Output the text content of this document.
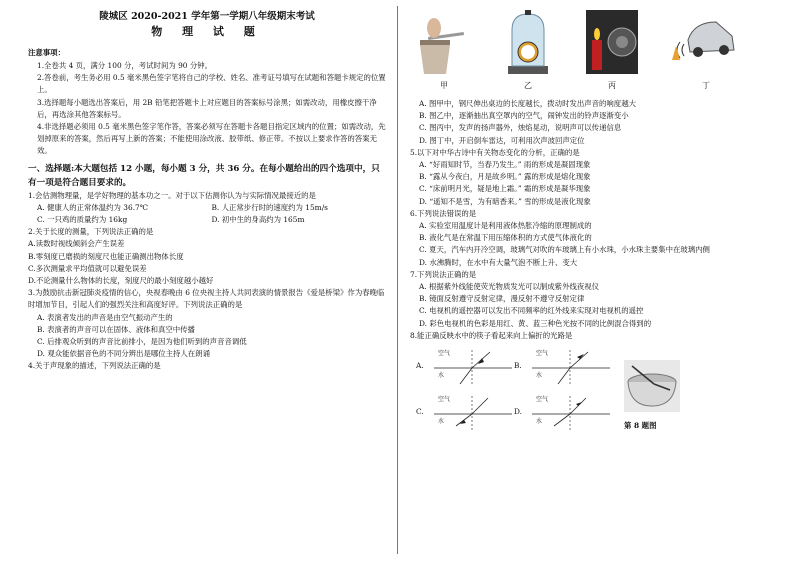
陵城区 2020-2021 学年第一学期八年级期末考试
物 理 试 题
注意事项：

1.全卷共 4 页，满分 100 分，考试时间为 90 分钟。

2.答卷前，考生务必用 0.5 毫米黑色签字笔将自己的学校、姓名、准考证号填写在试题和答题卡规定的位置上。

3.选择题每小题选出答案后，用 2B 铅笔把答题卡上对应题目的答案标号涂黑；如需改动，用橡皮擦干净后，再选涂其他答案标号。

4.非选择题必须用 0.5 毫米黑色签字笔作答，答案必须写在答题卡各题目指定区域内的位置；如需改动，先划掉原来的答案，然后再写上新的答案；不能使用涂改液、胶带纸、修正带。不按以上要求作答的答案无效。

一、选择题:本大题包括 12 小题，每小题 3 分，共 36 分。在每小题给出的四个选项中，只有一项是符合题目要求的。

1.会估测物理量，是学好物理的基本功之一。对于以下估测你认为与实际情况最接近的是

A. 健康人的正常体温约为 36.7℃	B. 人正常步行时的速度约为 15m/s
C. 一只鸡的质量约为 16kg	D. 初中生的身高约为 165m

2.关于长度的测量，下列说法正确的是

A.读数时视线倾斜会产生误差

B.零刻度已磨损的刻度尺也能正确测出物体长度

C.多次测量求平均值就可以避免误差

D.不论测量什么物体的长度，刻度尺的最小刻度越小越好

3.为鼓励抗击新冠肺炎疫情的信心，央视春晚由 6 位央视主持人共同表演的情景报告《爱是桥梁》作为春晚临时增加节目，引起人们的强烈关注和高度好评。下列说法正确的是

A. 表演者发出的声音是由空气振动产生的

B. 表演者的声音可以在固体、液体和真空中传播

C. 后排观众听到的声音比前排小，是因为他们听到的声音音调低

D. 观众能依据音色的不同分辨出是哪位主持人在朗诵

4.关于声现象的描述，下列说法正确的是

甲	乙	丙	丁

A. 图甲中，钢尺伸出桌边的长度越长，拨动时发出声音的响度越大

B. 图乙中，逐渐抽出真空罩内的空气，闹钟发出的铃声逐渐变小

C. 图丙中，发声的扬声器外，烛焰晃动，说明声可以传递信息

D. 图丁中，开启倒车雷达，可利用次声波回声定位

5.以下对中华古诗中有关物态变化的分析，正确的是

A. “好雨知时节，当春乃发生。” 雨的形成是凝固现象

B. “露从今夜白，月是故乡明。” 露的形成是熔化现象

C. “床前明月光，疑是地上霜。” 霜的形成是凝华现象

D. “遥知不是雪，为有暗香来。” 雪的形成是液化现象

6.下列说法错误的是

A. 实验室用温度计是利用液体热胀冷缩的原理制成的

B. 液化气是在常温下用压缩体积的方式使气体液化的

C. 夏天，汽车内开冷空调，玻璃气对吹的车玻璃上有小水珠，小水珠主要集中在玻璃内侧

D. 水沸腾时，在水中有大量气泡不断上升、变大

7.下列说法正确的是

A. 根据紫外线能使荧光物质发光可以制成紫外线夜视仪

B. 镜面反射遵守反射定律，漫反射不遵守反射定律

C. 电视机的遥控器可以发出不同频率的红外线来实现对电视机的遥控

D. 彩色电视机的色彩是用红、黄、蓝三种色光按不同的比例混合得到的

8.能正确反映水中的筷子看起来向上偏折的光路是

A.
空气
水
B.
空气
水
C.
空气
水
D.
空气
水	第 8 题图
